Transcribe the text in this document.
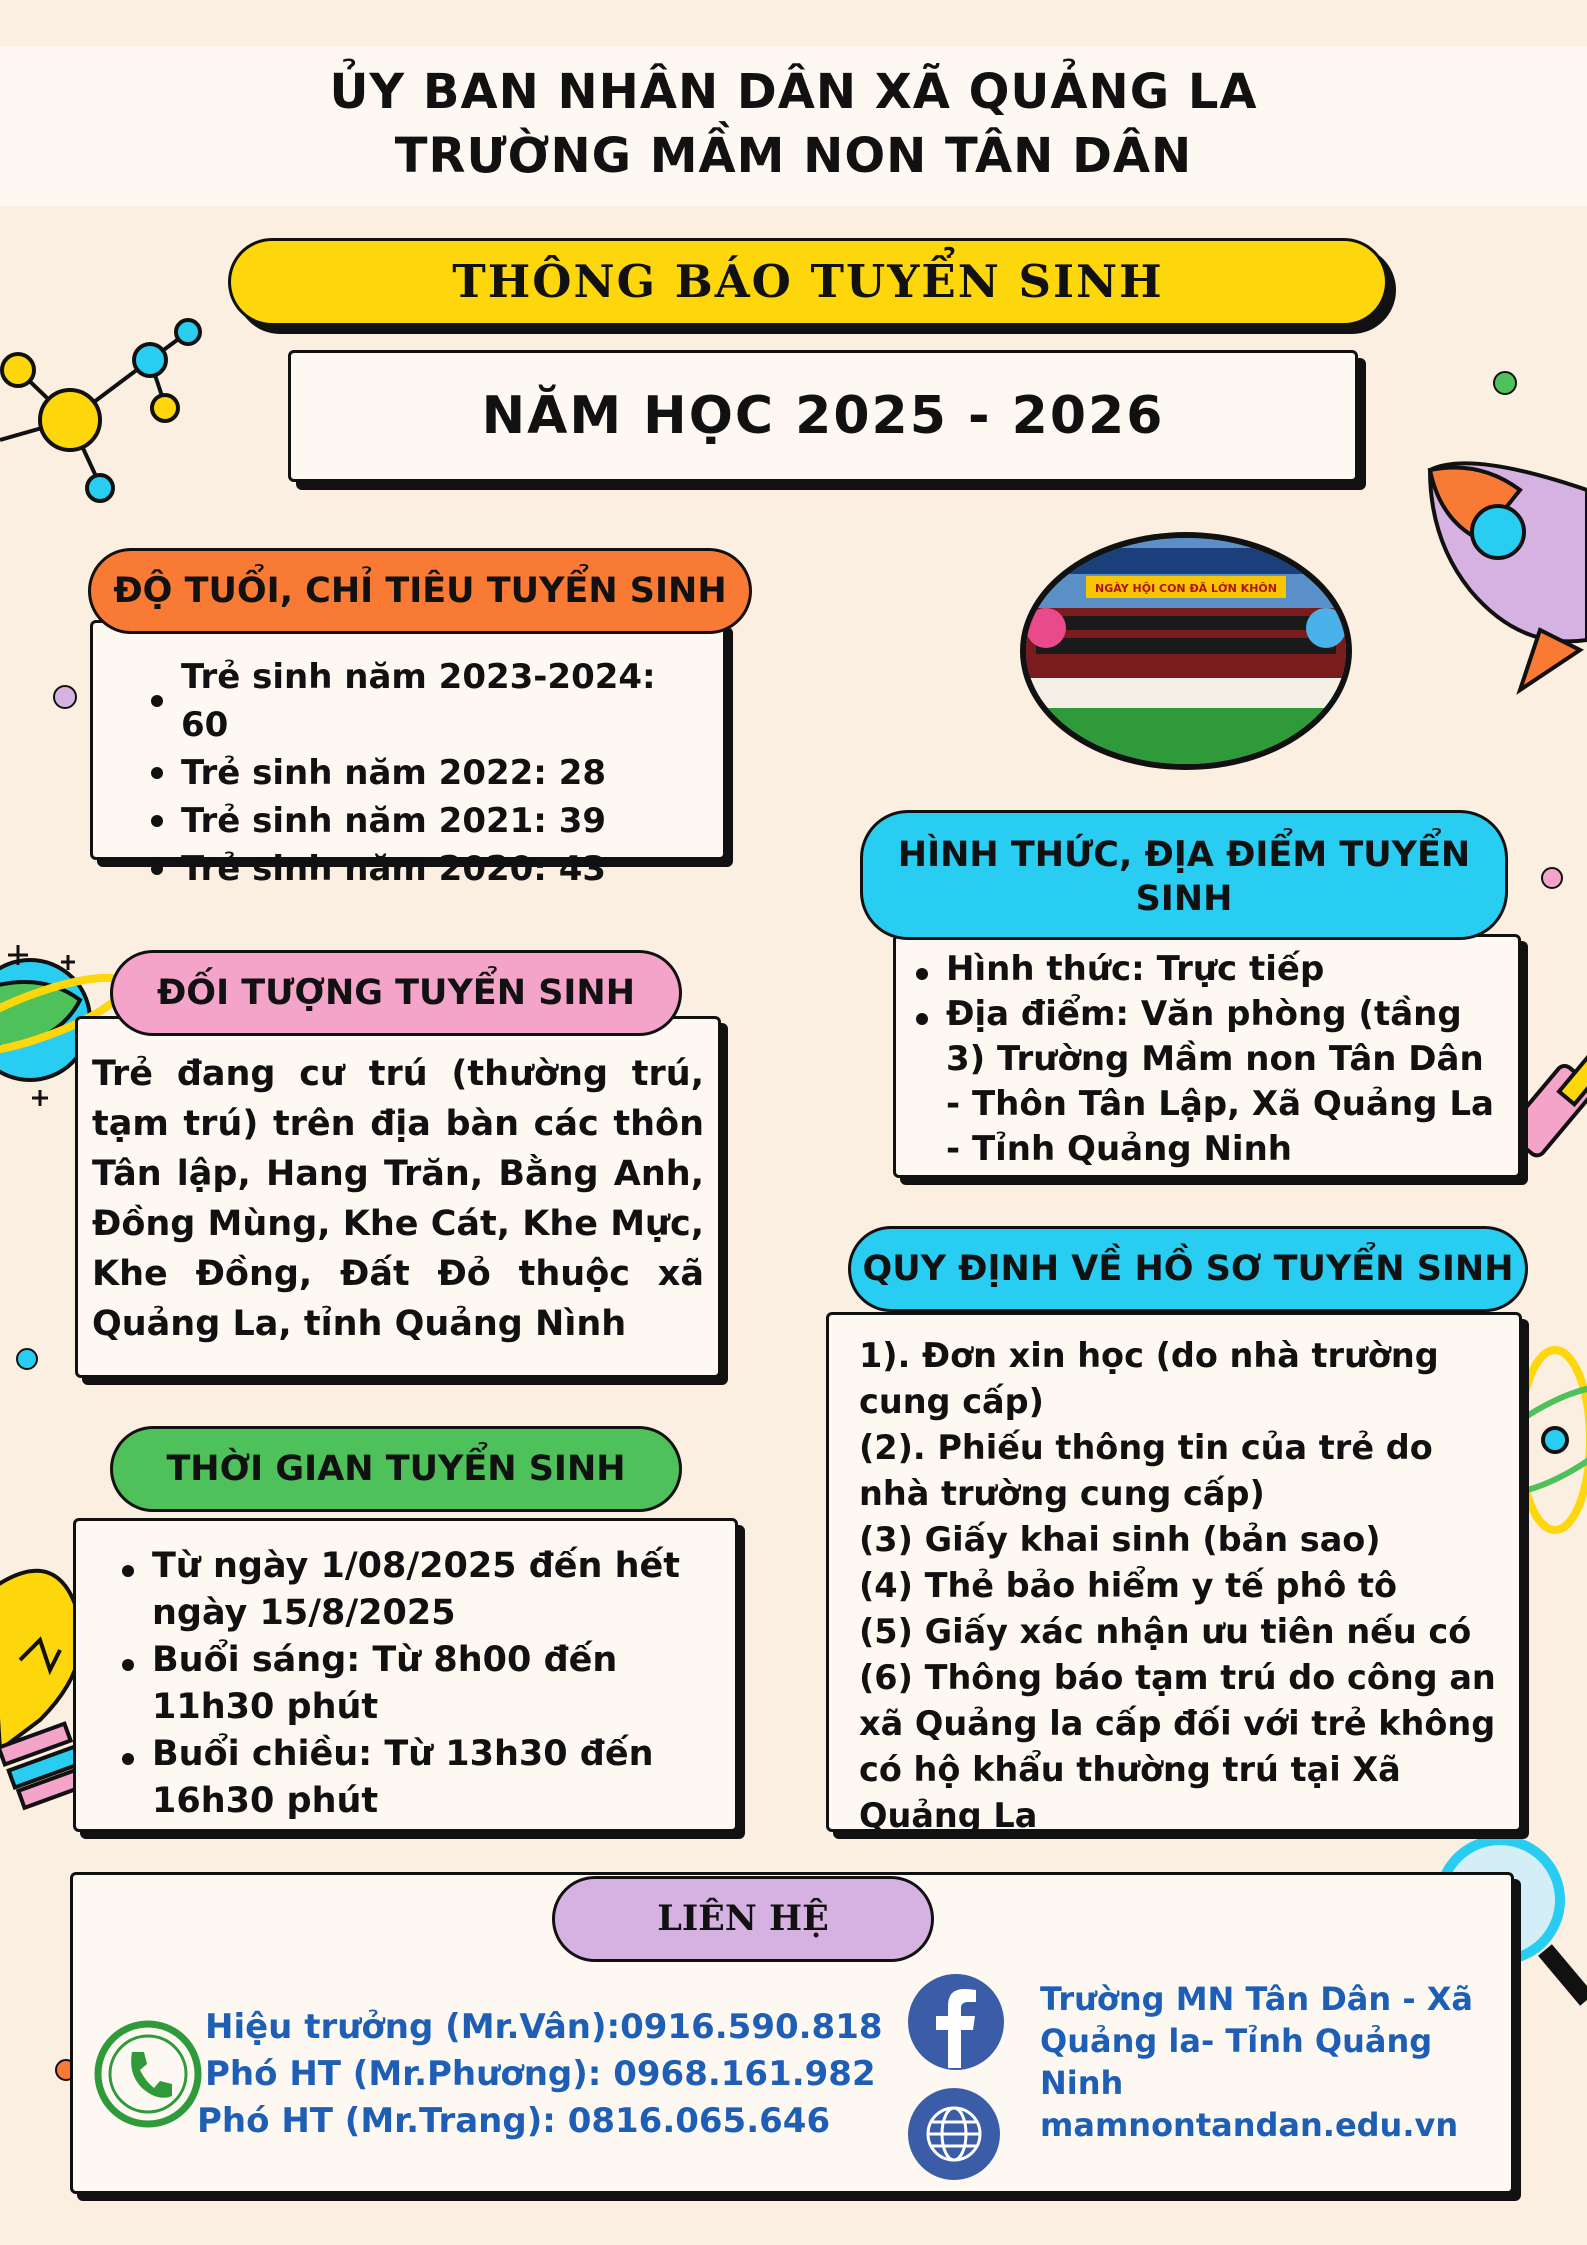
ỦY BAN NHÂN DÂN XÃ QUẢNG LA
TRƯỜNG MẦM NON TÂN DÂN
THÔNG BÁO TUYỂN SINH
NĂM HỌC 2025 - 2026
Trẻ sinh năm 2023-2024: 60
Trẻ sinh năm 2022: 28
Trẻ sinh năm 2021: 39
Trẻ sinh năm 2020: 43
ĐỘ TUỔI, CHỈ TIÊU TUYỂN SINH

Trẻ đang cư trú (thường trú, tạm trú) trên địa bàn các thôn Tân lập, Hang Trăn, Bằng Anh, Đồng Mùng, Khe Cát, Khe Mực, Khe Đồng, Đất Đỏ thuộc xã Quảng La, tỉnh Quảng Nình

ĐỐI TƯỢNG TUYỂN SINH
Từ ngày 1/08/2025 đến hết ngày 15/8/2025
Buổi sáng: Từ 8h00 đến 11h30 phút
Buổi chiều: Từ 13h30 đến 16h30 phút
THỜI GIAN TUYỂN SINH
NGÀY HỘI CON ĐÃ LỚN KHÔN
Hình thức: Trực tiếp
Địa điểm: Văn phòng (tầng 3) Trường Mầm non Tân Dân - Thôn Tân Lập, Xã Quảng La - Tỉnh Quảng Ninh
HÌNH THỨC, ĐỊA ĐIỂM TUYỂN SINH
1). Đơn xin học (do nhà trường cung cấp)
(2). Phiếu thông tin của trẻ do nhà trường cung cấp)
(3) Giấy khai sinh (bản sao)
(4) Thẻ bảo hiểm y tế phô tô
(5) Giấy xác nhận ưu tiên nếu có
(6) Thông báo tạm trú do công an xã Quảng la cấp đối với trẻ không có hộ khẩu thường trú tại Xã Quảng La
QUY ĐỊNH VỀ HỒ SƠ TUYỂN SINH
LIÊN HỆ
Hiệu trưởng (Mr.Vân):0916.590.818
Phó HT (Mr.Phương): 0968.161.982
Phó HT (Mr.Trang): 0816.065.646
Trường MN Tân Dân - Xã Quảng la- Tỉnh Quảng Ninh
mamnontandan.edu.vn
